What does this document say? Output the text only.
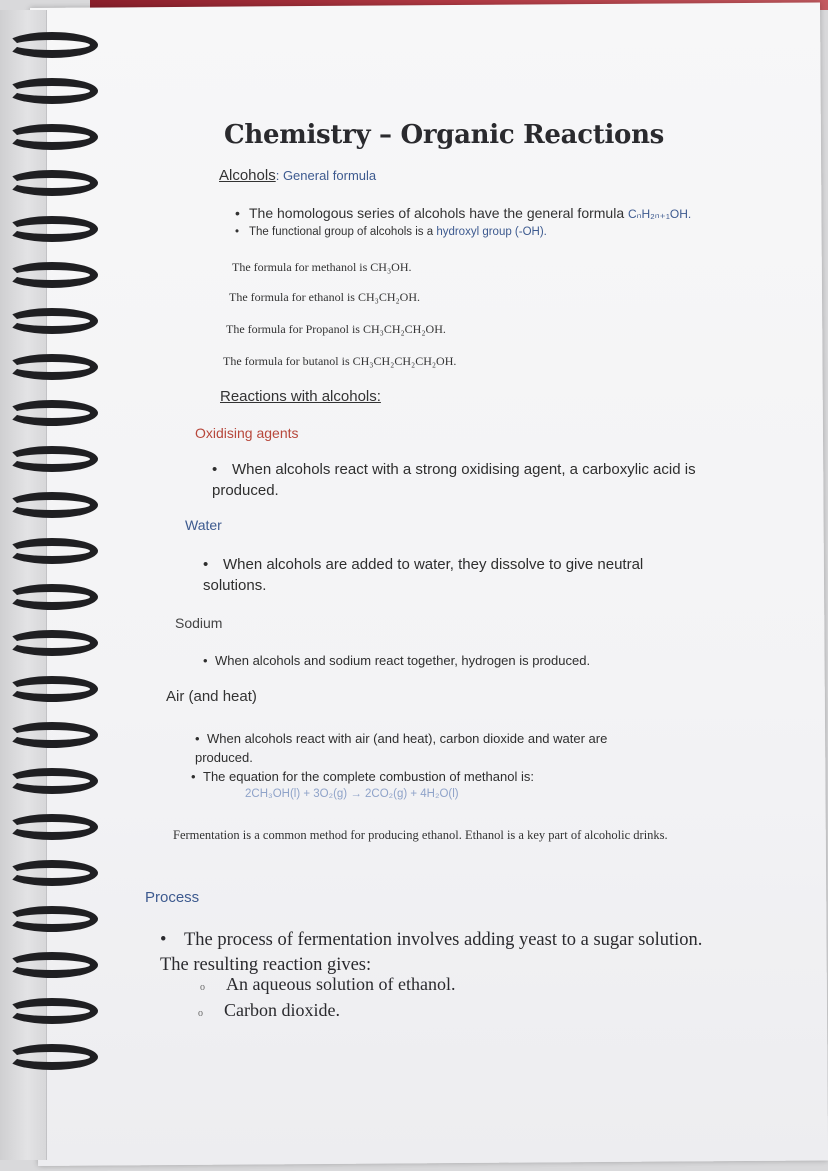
Chemistry – Organic Reactions
Alcohols: General formula
• The homologous series of alcohols have the general formula CₙH₂ₙ₊₁OH.
• The functional group of alcohols is a hydroxyl group (-OH).
The formula for methanol is CH₃OH.
The formula for ethanol is CH₃CH₂OH.
The formula for Propanol is CH₃CH₂CH₂OH.
The formula for butanol is CH₃CH₂CH₂CH₂OH.
Reactions with alcohols:
Oxidising agents
• When alcohols react with a strong oxidising agent, a carboxylic acid is produced.
Water
• When alcohols are added to water, they dissolve to give neutral solutions.
Sodium
• When alcohols and sodium react together, hydrogen is produced.
Air (and heat)
• When alcohols react with air (and heat), carbon dioxide and water are produced.
• The equation for the complete combustion of methanol is:
2CH₃OH(l) + 3O₂(g) → 2CO₂(g) + 4H₂O(l)
Fermentation is a common method for producing ethanol. Ethanol is a key part of alcoholic drinks.
Process
• The process of fermentation involves adding yeast to a sugar solution. The resulting reaction gives:
o An aqueous solution of ethanol.
o Carbon dioxide.
